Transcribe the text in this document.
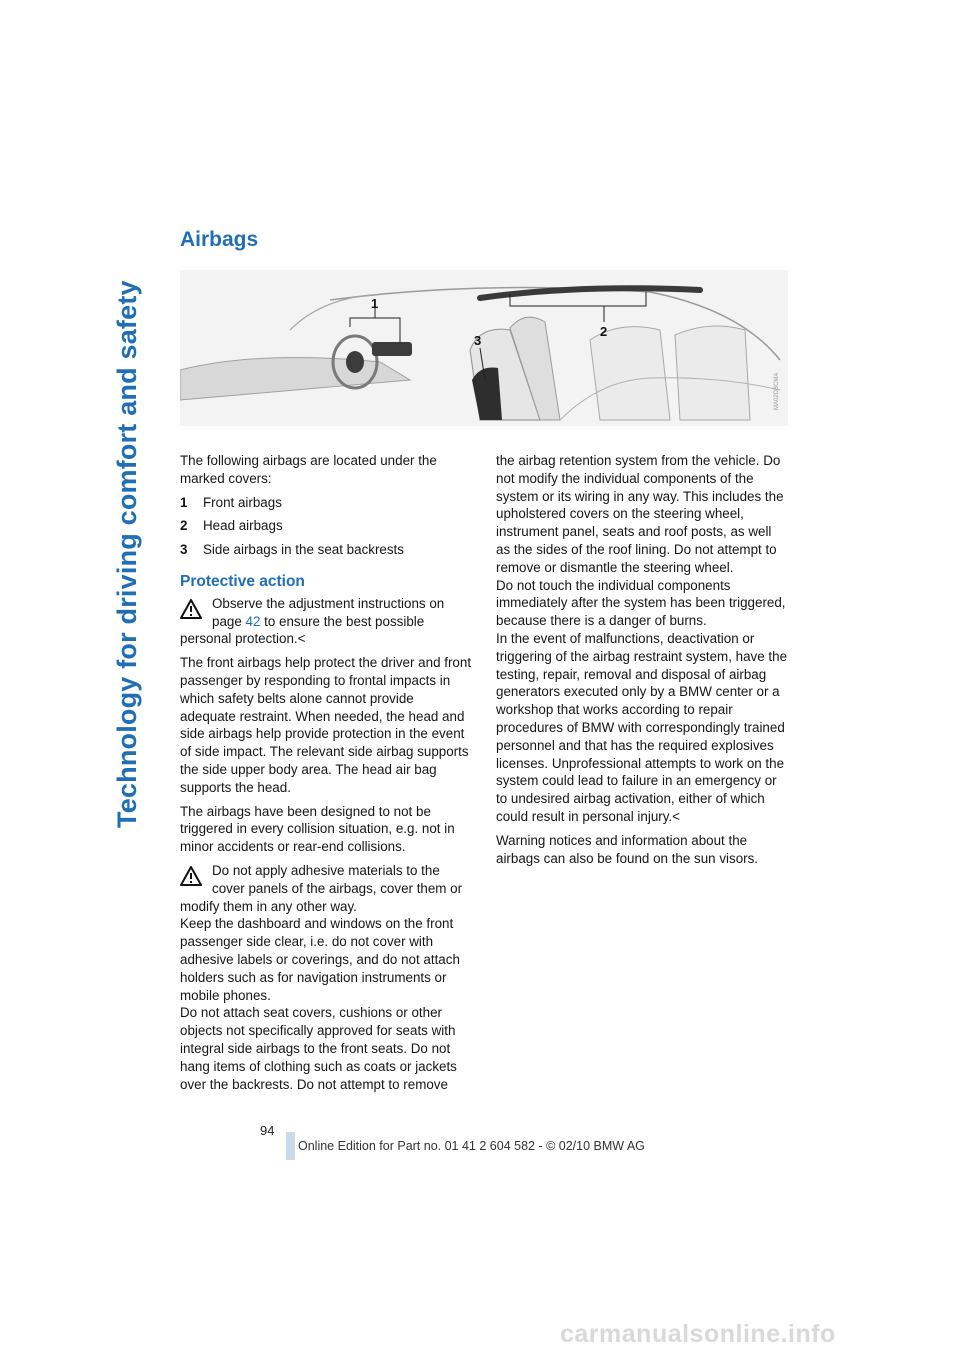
Technology for driving comfort and safety
Airbags
1
2
3
MA02DBCMA

The following airbags are located under the marked covers:

1	Front airbags
2	Head airbags
3	Side airbags in the seat backrests
Protective action

Observe the adjustment instructions on page 42 to ensure the best possible personal protection.<

The front airbags help protect the driver and front passenger by responding to frontal impacts in which safety belts alone cannot provide adequate restraint. When needed, the head and side airbags help provide protection in the event of side impact. The relevant side airbag supports the side upper body area. The head air bag supports the head.

The airbags have been designed to not be triggered in every collision situation, e.g. not in minor accidents or rear-end collisions.

Do not apply adhesive materials to the cover panels of the airbags, cover them or modify them in any other way.

Keep the dashboard and windows on the front passenger side clear, i.e. do not cover with adhesive labels or coverings, and do not attach holders such as for navigation instruments or mobile phones.

Do not attach seat covers, cushions or other objects not specifically approved for seats with integral side airbags to the front seats. Do not hang items of clothing such as coats or jackets over the backrests. Do not attempt to remove

the airbag retention system from the vehicle. Do not modify the individual components of the system or its wiring in any way. This includes the upholstered covers on the steering wheel, instrument panel, seats and roof posts, as well as the sides of the roof lining. Do not attempt to remove or dismantle the steering wheel.

Do not touch the individual components immediately after the system has been triggered, because there is a danger of burns.

In the event of malfunctions, deactivation or triggering of the airbag restraint system, have the testing, repair, removal and disposal of airbag generators executed only by a BMW center or a workshop that works according to repair procedures of BMW with correspondingly trained personnel and that has the required explosives licenses. Unprofessional attempts to work on the system could lead to failure in an emergency or to undesired airbag activation, either of which could result in personal injury.<

Warning notices and information about the airbags can also be found on the sun visors.

94
Online Edition for Part no. 01 41 2 604 582 - © 02/10 BMW AG
carmanualsonline.info
